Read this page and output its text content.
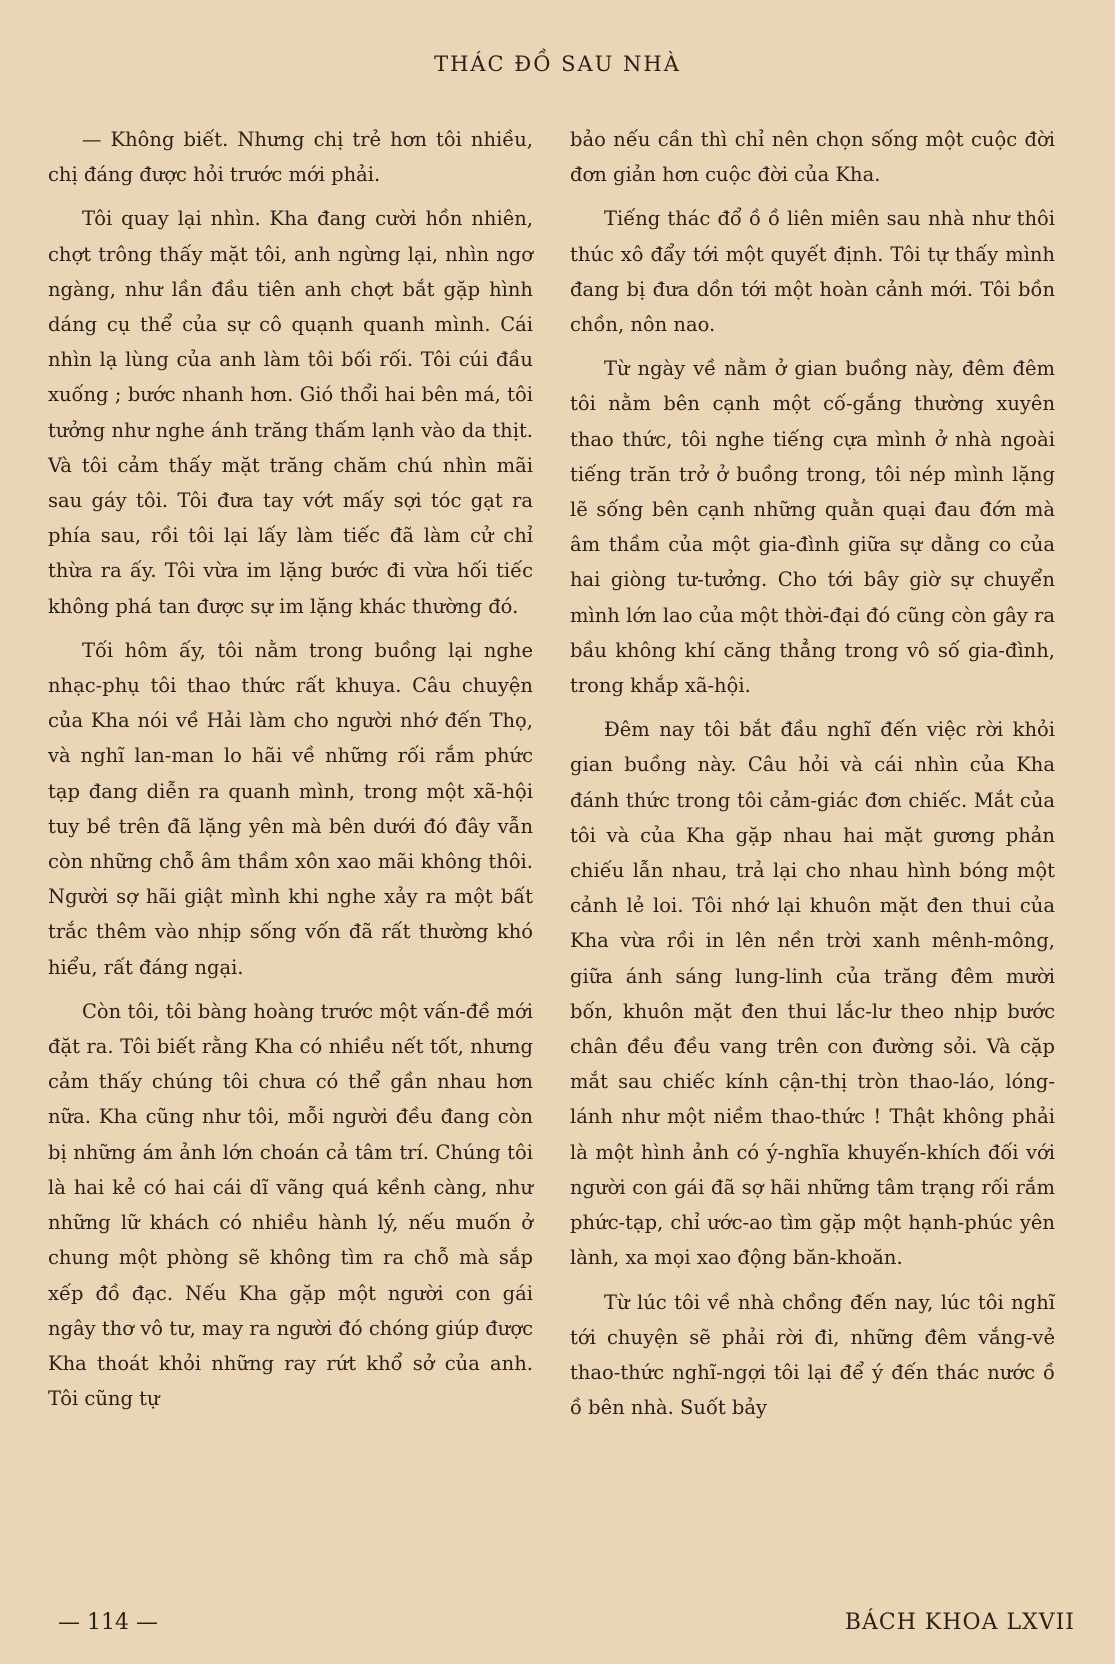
THÁC ĐỒ SAU NHÀ

— Không biết. Nhưng chị trẻ hơn tôi nhiều, chị đáng được hỏi trước mới phải.

Tôi quay lại nhìn. Kha đang cười hồn nhiên, chợt trông thấy mặt tôi, anh ngừng lại, nhìn ngơ ngàng, như lần đầu tiên anh chợt bắt gặp hình dáng cụ thể của sự cô quạnh quanh mình. Cái nhìn lạ lùng của anh làm tôi bối rối. Tôi cúi đầu xuống ; bước nhanh hơn. Gió thổi hai bên má, tôi tưởng như nghe ánh trăng thấm lạnh vào da thịt. Và tôi cảm thấy mặt trăng chăm chú nhìn mãi sau gáy tôi. Tôi đưa tay vớt mấy sợi tóc gạt ra phía sau, rồi tôi lại lấy làm tiếc đã làm cử chỉ thừa ra ấy. Tôi vừa im lặng bước đi vừa hối tiếc không phá tan được sự im lặng khác thường đó.

Tối hôm ấy, tôi nằm trong buồng lại nghe nhạc-phụ tôi thao thức rất khuya. Câu chuyện của Kha nói về Hải làm cho người nhớ đến Thọ, và nghĩ lan-man lo hãi về những rối rắm phức tạp đang diễn ra quanh mình, trong một xã-hội tuy bề trên đã lặng yên mà bên dưới đó đây vẫn còn những chỗ âm thầm xôn xao mãi không thôi. Người sợ hãi giật mình khi nghe xảy ra một bất trắc thêm vào nhịp sống vốn đã rất thường khó hiểu, rất đáng ngại.

Còn tôi, tôi bàng hoàng trước một vấn-đề mới đặt ra. Tôi biết rằng Kha có nhiều nết tốt, nhưng cảm thấy chúng tôi chưa có thể gần nhau hơn nữa. Kha cũng như tôi, mỗi người đều đang còn bị những ám ảnh lớn choán cả tâm trí. Chúng tôi là hai kẻ có hai cái dĩ vãng quá kềnh càng, như những lữ khách có nhiều hành lý, nếu muốn ở chung một phòng sẽ không tìm ra chỗ mà sắp xếp đồ đạc. Nếu Kha gặp một người con gái ngây thơ vô tư, may ra người đó chóng giúp được Kha thoát khỏi những ray rứt khổ sở của anh. Tôi cũng tự

bảo nếu cần thì chỉ nên chọn sống một cuộc đời đơn giản hơn cuộc đời của Kha.

Tiếng thác đổ ồ ồ liên miên sau nhà như thôi thúc xô đẩy tới một quyết định. Tôi tự thấy mình đang bị đưa dồn tới một hoàn cảnh mới. Tôi bồn chồn, nôn nao.

Từ ngày về nằm ở gian buồng này, đêm đêm tôi nằm bên cạnh một cố-gắng thường xuyên thao thức, tôi nghe tiếng cựa mình ở nhà ngoài tiếng trăn trở ở buồng trong, tôi nép mình lặng lẽ sống bên cạnh những quằn quại đau đớn mà âm thầm của một gia-đình giữa sự dằng co của hai giòng tư-tưởng. Cho tới bây giờ sự chuyển mình lớn lao của một thời-đại đó cũng còn gây ra bầu không khí căng thẳng trong vô số gia-đình, trong khắp xã-hội.

Đêm nay tôi bắt đầu nghĩ đến việc rời khỏi gian buồng này. Câu hỏi và cái nhìn của Kha đánh thức trong tôi cảm-giác đơn chiếc. Mắt của tôi và của Kha gặp nhau hai mặt gương phản chiếu lẫn nhau, trả lại cho nhau hình bóng một cảnh lẻ loi. Tôi nhớ lại khuôn mặt đen thui của Kha vừa rồi in lên nền trời xanh mênh-mông, giữa ánh sáng lung-linh của trăng đêm mười bốn, khuôn mặt đen thui lắc-lư theo nhịp bước chân đều đều vang trên con đường sỏi. Và cặp mắt sau chiếc kính cận-thị tròn thao-láo, lóng-lánh như một niềm thao-thức ! Thật không phải là một hình ảnh có ý-nghĩa khuyến-khích đối với người con gái đã sợ hãi những tâm trạng rối rắm phức-tạp, chỉ ước-ao tìm gặp một hạnh-phúc yên lành, xa mọi xao động băn-khoăn.

Từ lúc tôi về nhà chồng đến nay, lúc tôi nghĩ tới chuyện sẽ phải rời đi, những đêm vắng-vẻ thao-thức nghĩ-ngợi tôi lại để ý đến thác nước ồ ồ bên nhà. Suốt bảy

— 114 —	BÁCH KHOA LXVII
